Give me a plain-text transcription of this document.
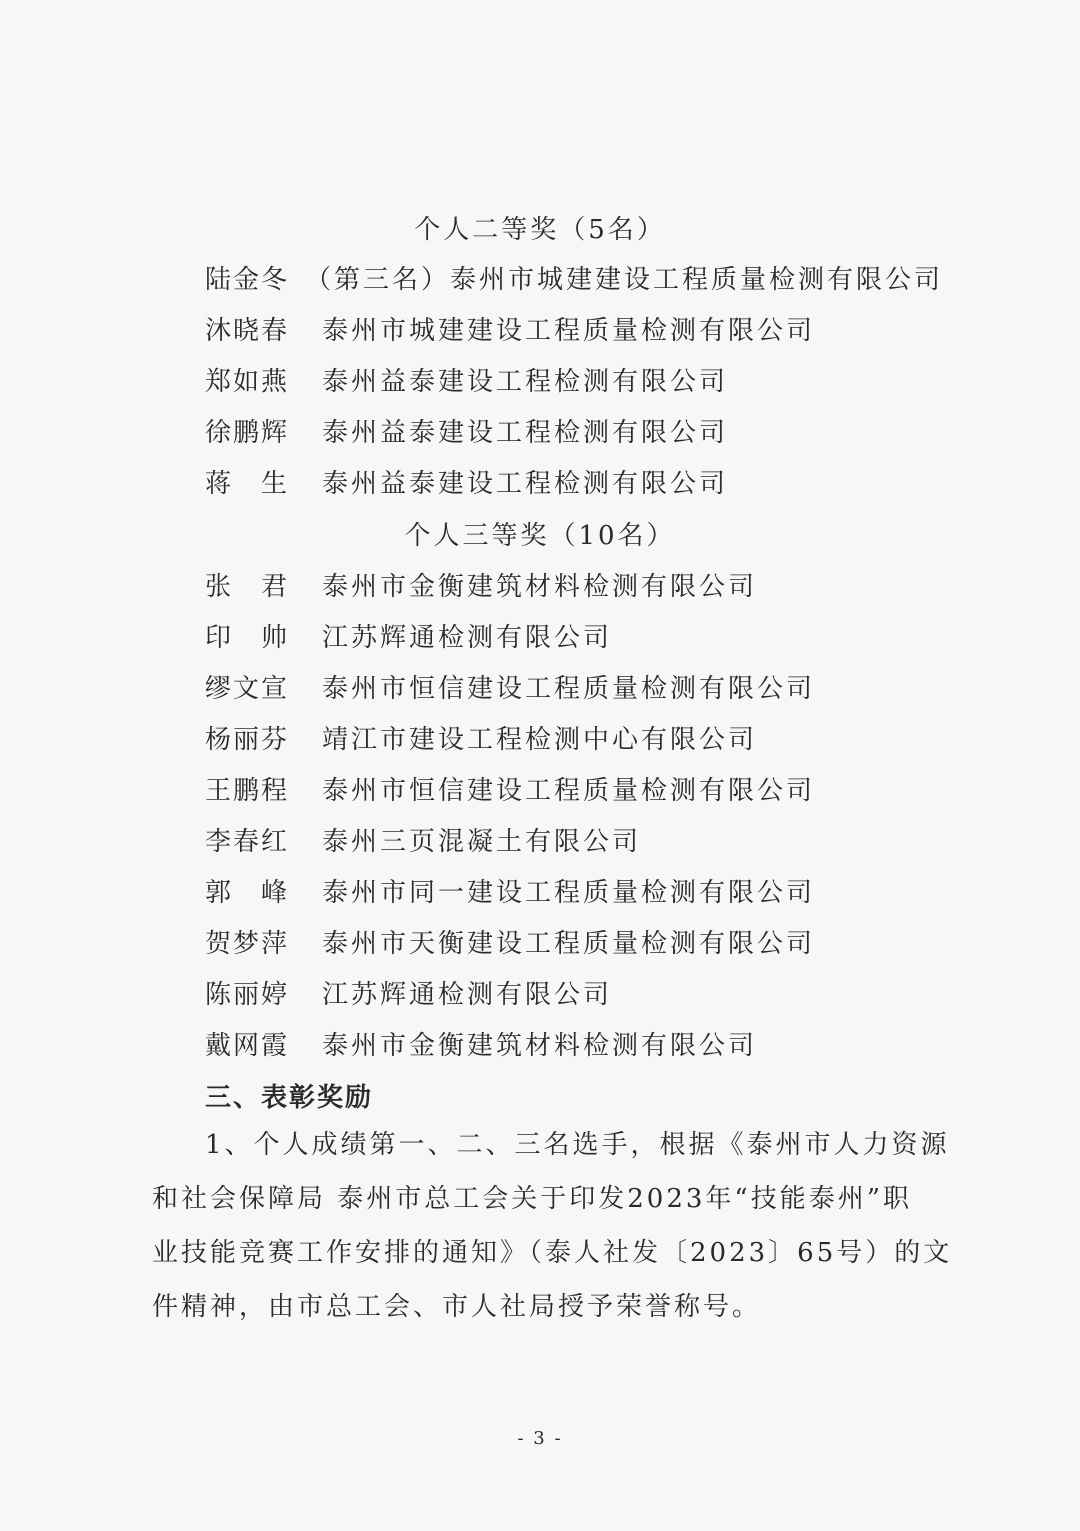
个人二等奖（5名）
陆金冬 （第三名）泰州市城建建设工程质量检测有限公司
沐晓春	泰州市城建建设工程质量检测有限公司
郑如燕	泰州益泰建设工程检测有限公司
徐鹏辉	泰州益泰建设工程检测有限公司
蒋　生	泰州益泰建设工程检测有限公司
个人三等奖（10名）
张　君	泰州市金衡建筑材料检测有限公司
印　帅	江苏辉通检测有限公司
缪文宣	泰州市恒信建设工程质量检测有限公司
杨丽芬	靖江市建设工程检测中心有限公司
王鹏程	泰州市恒信建设工程质量检测有限公司
李春红	泰州三页混凝土有限公司
郭　峰	泰州市同一建设工程质量检测有限公司
贺梦萍	泰州市天衡建设工程质量检测有限公司
陈丽婷	江苏辉通检测有限公司
戴网霞	泰州市金衡建筑材料检测有限公司
三、表彰奖励
1、个人成绩第一、二、三名选手，根据《泰州市人力资源
和社会保障局 泰州市总工会关于印发2023年“技能泰州”职
业技能竞赛工作安排的通知》（泰人社发〔2023〕65号）的文
件精神，由市总工会、市人社局授予荣誉称号。
- 3 -
